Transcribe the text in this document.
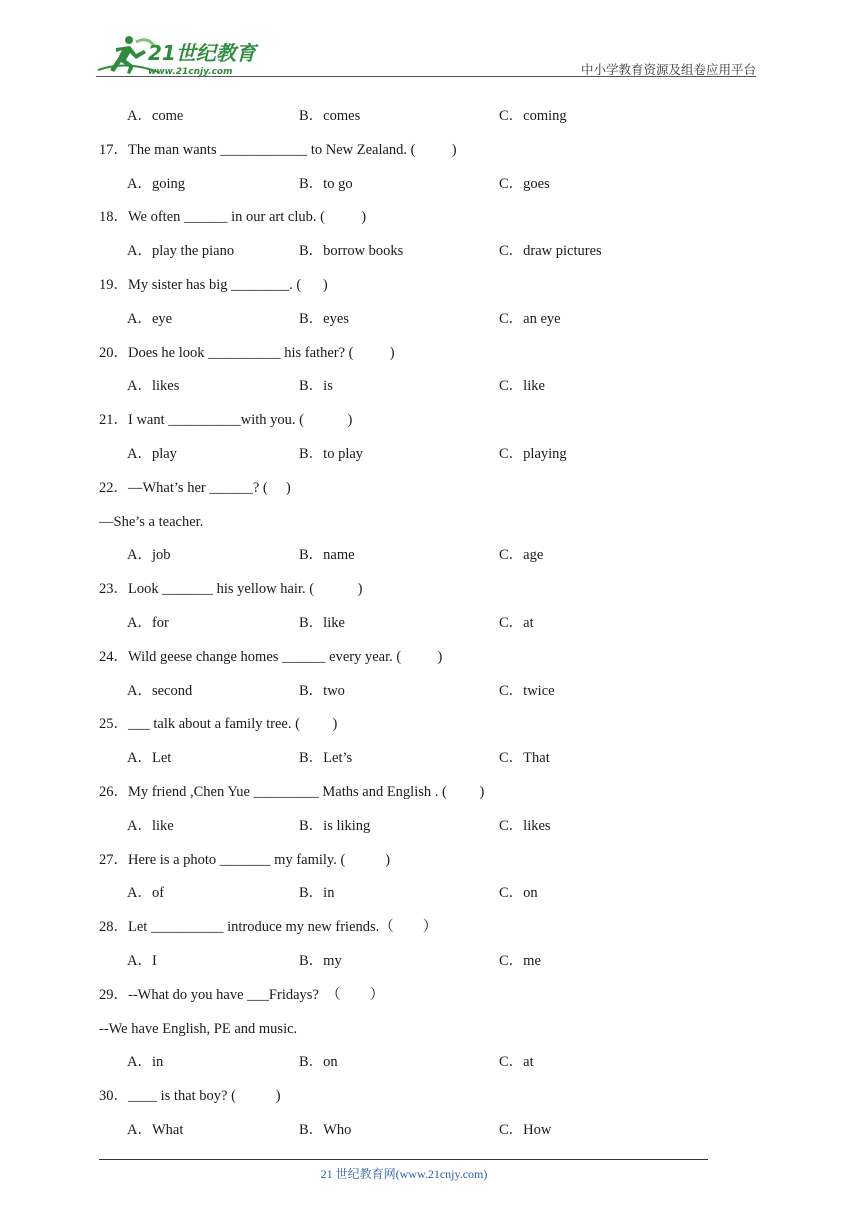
21世纪教育
www.21cnjy.com	中小学教育资源及组卷应用平台
A．come	B．comes	C．coming
17．The man wants ____________ to New Zealand. (          )
A．going	B．to go	C．goes
18．We often ______ in our art club. (          )
A．play the piano	B．borrow books	C．draw pictures
19．My sister has big ________. (      )
A．eye	B．eyes	C．an eye
20．Does he look __________ his father? (          )
A．likes	B．is	C．like
21．I want __________with you. (            )
A．play	B．to play	C．playing
22．—What’s her ______? (     )
—She’s a teacher.
A．job	B．name	C．age
23．Look _______ his yellow hair. (            )
A．for	B．like	C．at
24．Wild geese change homes ______ every year. (          )
A．second	B．two	C．twice
25．___ talk about a family tree. (         )
A．Let	B．Let’s	C．That
26．My friend ,Chen Yue _________ Maths and English . (         )
A．like	B．is liking	C．likes
27．Here is a photo _______ my family. (           )
A．of	B．in	C．on
28．Let __________ introduce my new friends.（        ）
A．I	B．my	C．me
29．--What do you have ___Fridays?  （        ）
--We have English, PE and music.
A．in	B．on	C．at
30．____ is that boy? (           )
A．What	B．Who	C．How
21 世纪教育网(www.21cnjy.com)
